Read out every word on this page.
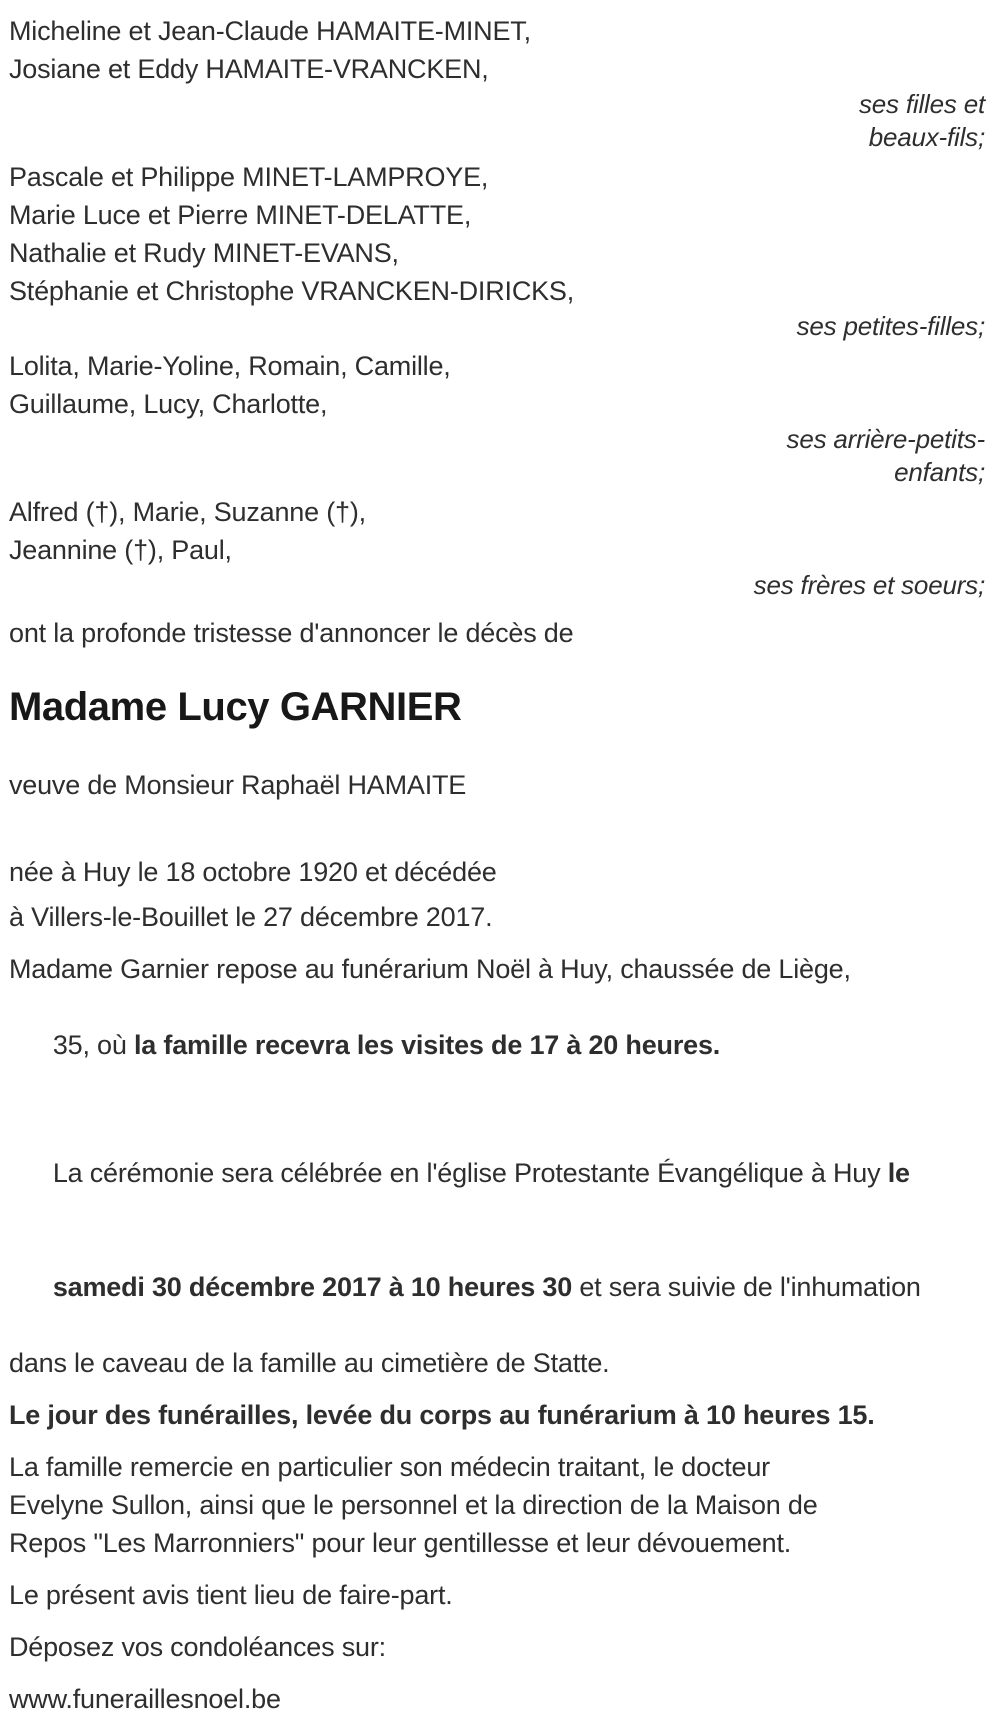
Micheline et Jean-Claude HAMAITE-MINET,
Josiane et Eddy HAMAITE-VRANCKEN,
ses filles et
beaux-fils;
Pascale et Philippe MINET-LAMPROYE,
Marie Luce et Pierre MINET-DELATTE,
Nathalie et Rudy MINET-EVANS,
Stéphanie et Christophe VRANCKEN-DIRICKS,
ses petites-filles;
Lolita, Marie-Yoline, Romain, Camille,
Guillaume, Lucy, Charlotte,
ses arrière-petits-
enfants;
Alfred (†), Marie, Suzanne (†),
Jeannine (†), Paul,
ses frères et soeurs;

ont la profonde tristesse d'annoncer le décès de

Madame Lucy GARNIER

veuve de Monsieur Raphaël HAMAITE

née à Huy le 18 octobre 1920 et décédée
à Villers-le-Bouillet le 27 décembre 2017.
Madame Garnier repose au funérarium Noël à Huy, chaussée de Liège,

35, où la famille recevra les visites de 17 à 20 heures.

La cérémonie sera célébrée en l'église Protestante Évangélique à Huy le

samedi 30 décembre 2017 à 10 heures 30 et sera suivie de l'inhumation

dans le caveau de la famille au cimetière de Statte.
Le jour des funérailles, levée du corps au funérarium à 10 heures 15.
La famille remercie en particulier son médecin traitant, le docteur
Evelyne Sullon, ainsi que le personnel et la direction de la Maison de
Repos "Les Marronniers" pour leur gentillesse et leur dévouement.
Le présent avis tient lieu de faire-part.
Déposez vos condoléances sur:
www.funeraillesnoel.be
